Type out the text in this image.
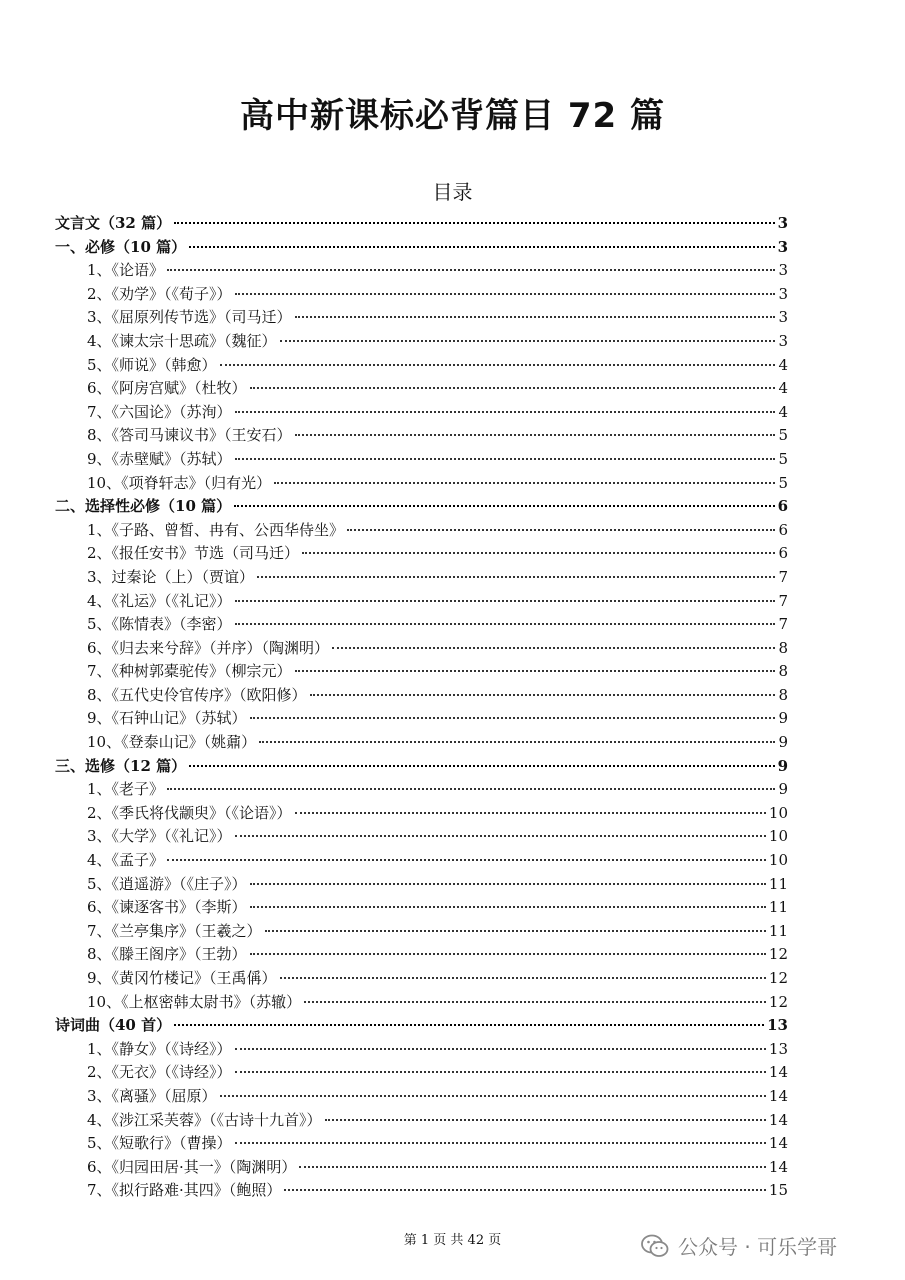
高中新课标必背篇目 72 篇
目录
文言文（32 篇）	3
一、必修（10 篇）	3
1、《论语》	3
2、《劝学》（《荀子》）	3
3、《屈原列传节选》（司马迁）	3
4、《谏太宗十思疏》（魏征）	3
5、《师说》（韩愈）	4
6、《阿房宫赋》（杜牧）	4
7、《六国论》（苏洵）	4
8、《答司马谏议书》（王安石）	5
9、《赤壁赋》（苏轼）	5
10、《项脊轩志》（归有光）	5
二、选择性必修（10 篇）	6
1、《子路、曾皙、冉有、公西华侍坐》	6
2、《报任安书》节选（司马迁）	6
3、过秦论（上）（贾谊）	7
4、《礼运》（《礼记》）	7
5、《陈情表》（李密）	7
6、《归去来兮辞》（并序）（陶渊明）	8
7、《种树郭橐驼传》（柳宗元）	8
8、《五代史伶官传序》（欧阳修）	8
9、《石钟山记》（苏轼）	9
10、《登泰山记》（姚鼐）	9
三、选修（12 篇）	9
1、《老子》	9
2、《季氏将伐颛臾》（《论语》）	10
3、《大学》（《礼记》）	10
4、《孟子》	10
5、《逍遥游》（《庄子》）	11
6、《谏逐客书》（李斯）	11
7、《兰亭集序》（王羲之）	11
8、《滕王阁序》（王勃）	12
9、《黄冈竹楼记》（王禹偁）	12
10、《上枢密韩太尉书》（苏辙）	12
诗词曲（40 首）	13
1、《静女》（《诗经》）	13
2、《无衣》（《诗经》）	14
3、《离骚》（屈原）	14
4、《涉江采芙蓉》（《古诗十九首》）	14
5、《短歌行》（曹操）	14
6、《归园田居·其一》（陶渊明）	14
7、《拟行路难·其四》（鲍照）	15
第 1 页 共 42 页	公众号 · 可乐学哥
